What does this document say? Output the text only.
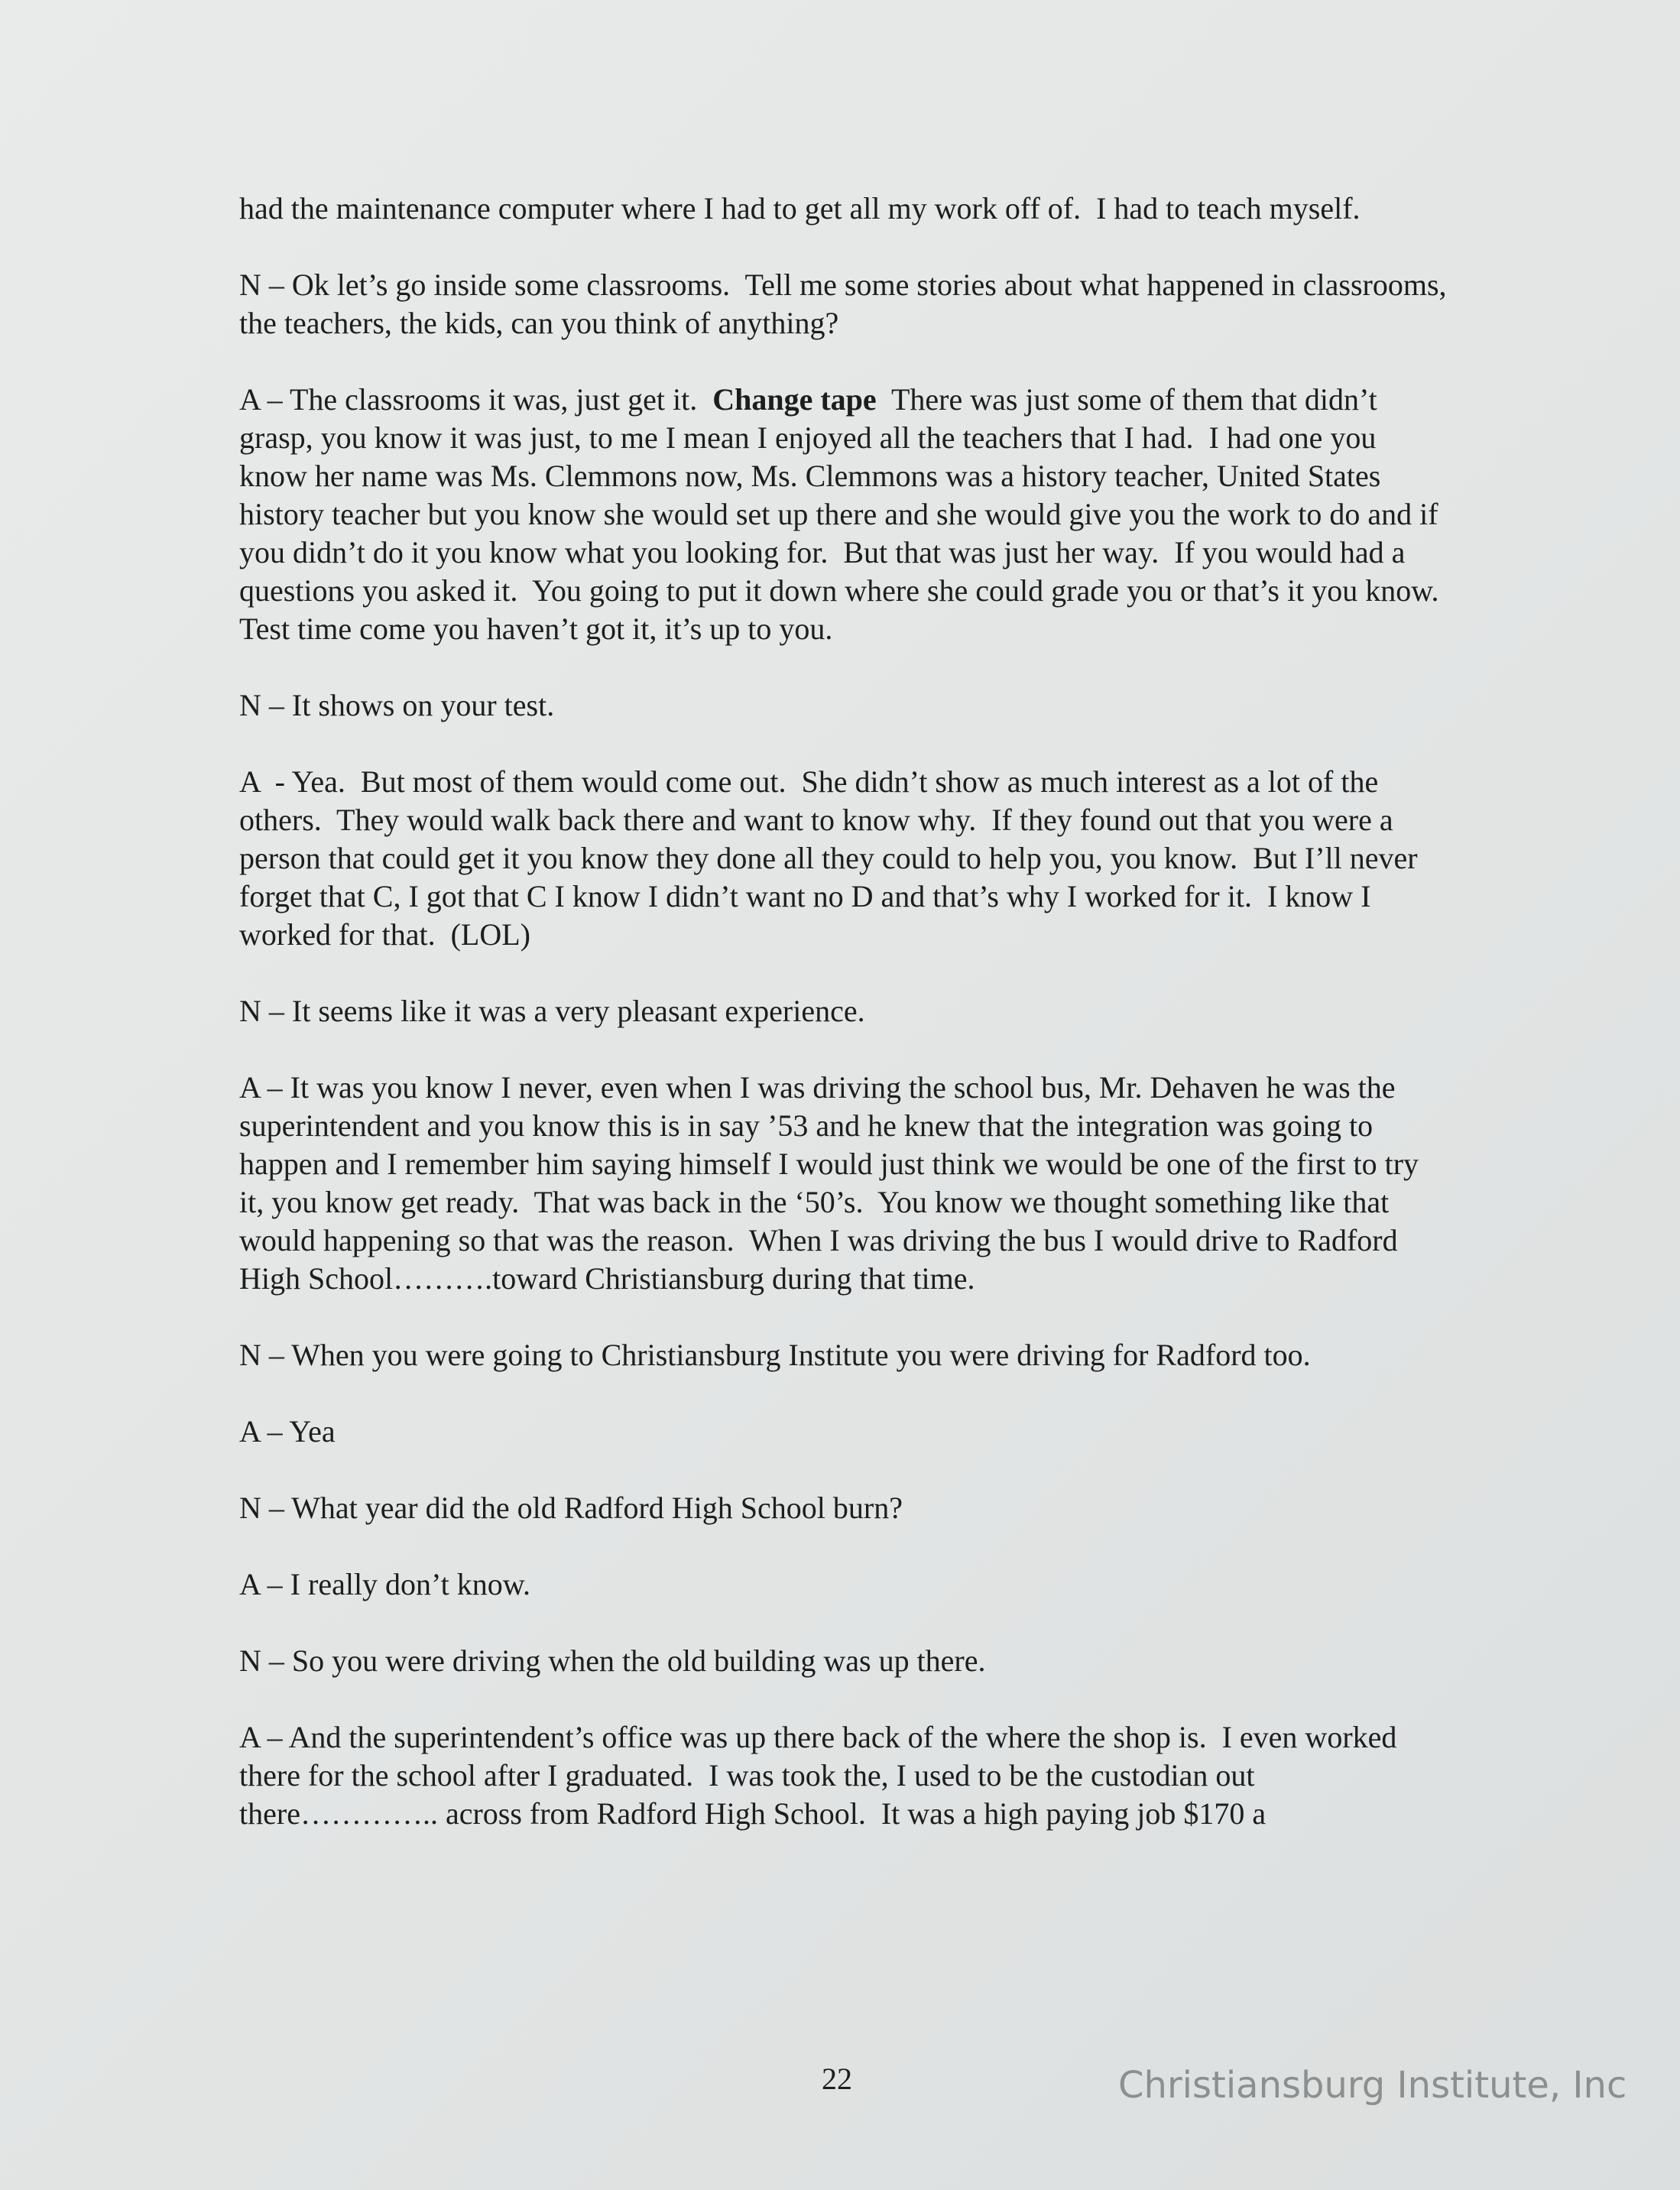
had the maintenance computer where I had to get all my work off of.  I had to teach myself.

N – Ok let’s go inside some classrooms.  Tell me some stories about what happened in classrooms, the teachers, the kids, can you think of anything?

A – The classrooms it was, just get it.  Change tape  There was just some of them that didn’t grasp, you know it was just, to me I mean I enjoyed all the teachers that I had.  I had one you know her name was Ms. Clemmons now, Ms. Clemmons was a history teacher, United States history teacher but you know she would set up there and she would give you the work to do and if you didn’t do it you know what you looking for.  But that was just her way.  If you would had a questions you asked it.  You going to put it down where she could grade you or that’s it you know.  Test time come you haven’t got it, it’s up to you.

N – It shows on your test.

A  - Yea.  But most of them would come out.  She didn’t show as much interest as a lot of the others.  They would walk back there and want to know why.  If they found out that you were a person that could get it you know they done all they could to help you, you know.  But I’ll never forget that C, I got that C I know I didn’t want no D and that’s why I worked for it.  I know I worked for that.  (LOL)

N – It seems like it was a very pleasant experience.

A – It was you know I never, even when I was driving the school bus, Mr. Dehaven he was the superintendent and you know this is in say ’53 and he knew that the integration was going to happen and I remember him saying himself I would just think we would be one of the first to try it, you know get ready.  That was back in the ‘50’s.  You know we thought something like that would happening so that was the reason.  When I was driving the bus I would drive to Radford High School……….toward Christiansburg during that time.

N – When you were going to Christiansburg Institute you were driving for Radford too.

A – Yea

N – What year did the old Radford High School burn?

A – I really don’t know.

N – So you were driving when the old building was up there.

A – And the superintendent’s office was up there back of the where the shop is.  I even worked there for the school after I graduated.  I was took the, I used to be the custodian out there………….. across from Radford High School.  It was a high paying job $170 a

22	Christiansburg Institute, Inc
